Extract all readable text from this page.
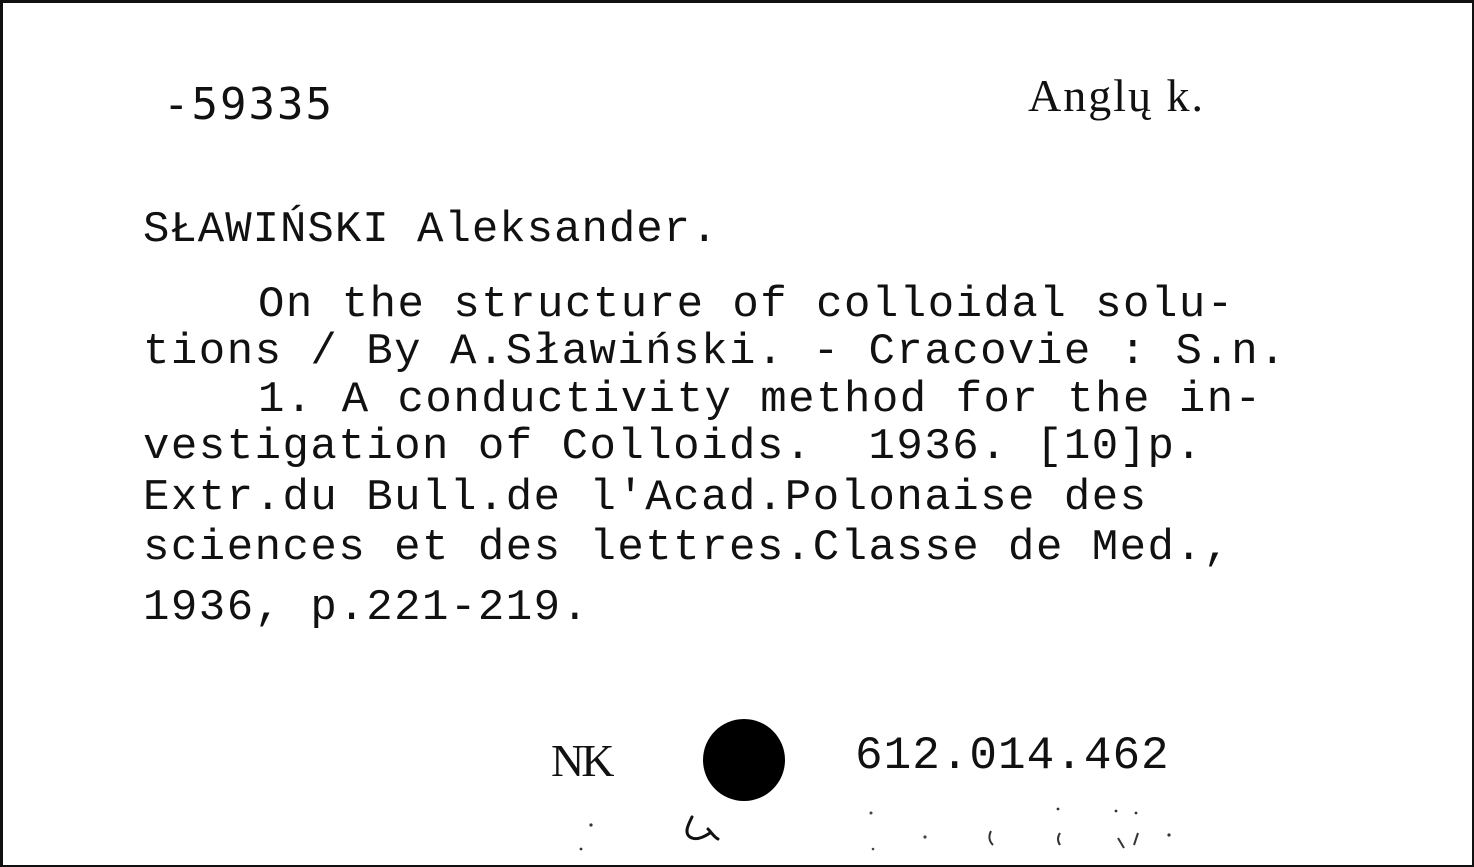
-59335	Anglų k.
SŁAWIŃSKI Aleksander.
On the structure of colloidal solu-
tions / By A.Sławiński. - Cracovie : S.n.
1. A conductivity method for the in-
vestigation of Colloids.  1936. [10]p.
Extr.du Bull.de l'Acad.Polonaise des
sciences et des lettres.Classe de Med.,
1936, p.221-219.
NK	612.014.462
